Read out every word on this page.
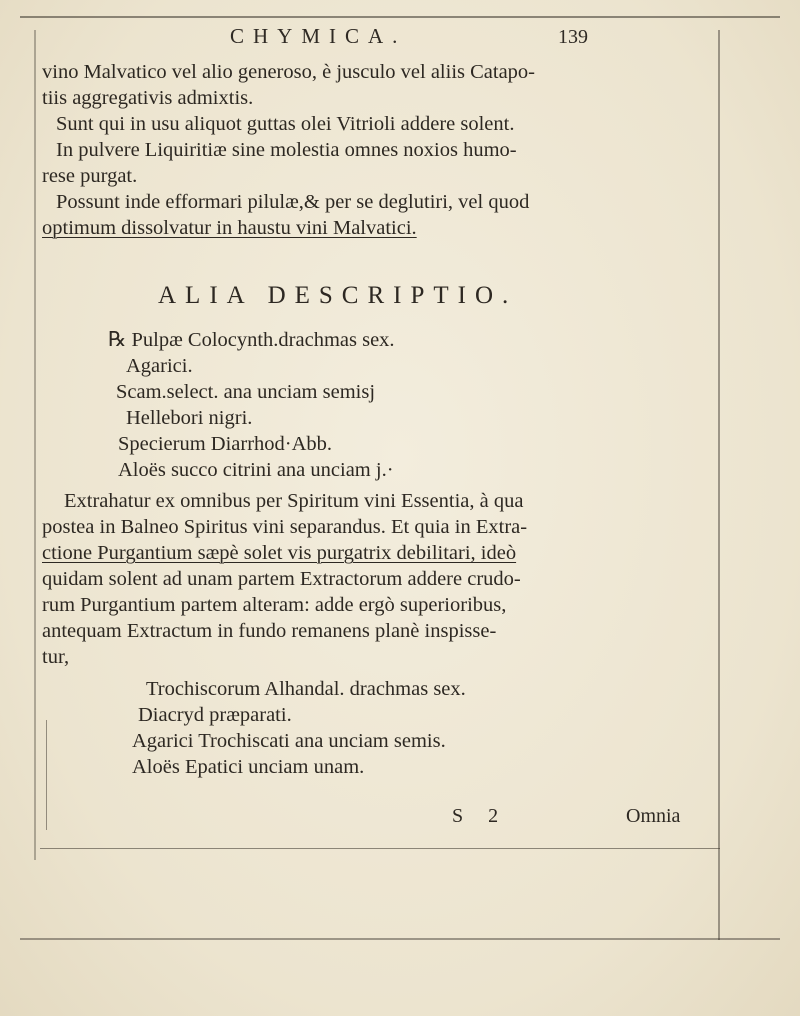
CHYMICA.	139
vino Malvatico vel alio generoso, è jusculo vel aliis Catapo-
tiis aggregativis admixtis.
Sunt qui in usu aliquot guttas olei Vitrioli addere solent.
In pulvere Liquiritiæ sine molestia omnes noxios humo-
rese purgat.
Possunt inde efformari pilulæ,& per se deglutiri, vel quod
optimum dissolvatur in haustu vini Malvatici.
ALIA DESCRIPTIO.
℞ Pulpæ Colocynth.drachmas sex.
Agarici.
Scam.select. ana unciam semisj
Hellebori nigri.
Specierum Diarrhod·Abb.
Aloës succo citrini ana unciam j.·
Extrahatur ex omnibus per Spiritum vini Essentia, à qua
postea in Balneo Spiritus vini separandus. Et quia in Extra-
ctione Purgantium sæpè solet vis purgatrix debilitari, ideò
quidam solent ad unam partem Extractorum addere crudo-
rum Purgantium partem alteram: adde ergò superioribus,
antequam Extractum in fundo remanens planè inspisse-
tur,
Trochiscorum Alhandal. drachmas sex.
Diacryd præparati.
Agarici Trochiscati ana unciam semis.
Aloës Epatici unciam unam.
S 2	Omnia
